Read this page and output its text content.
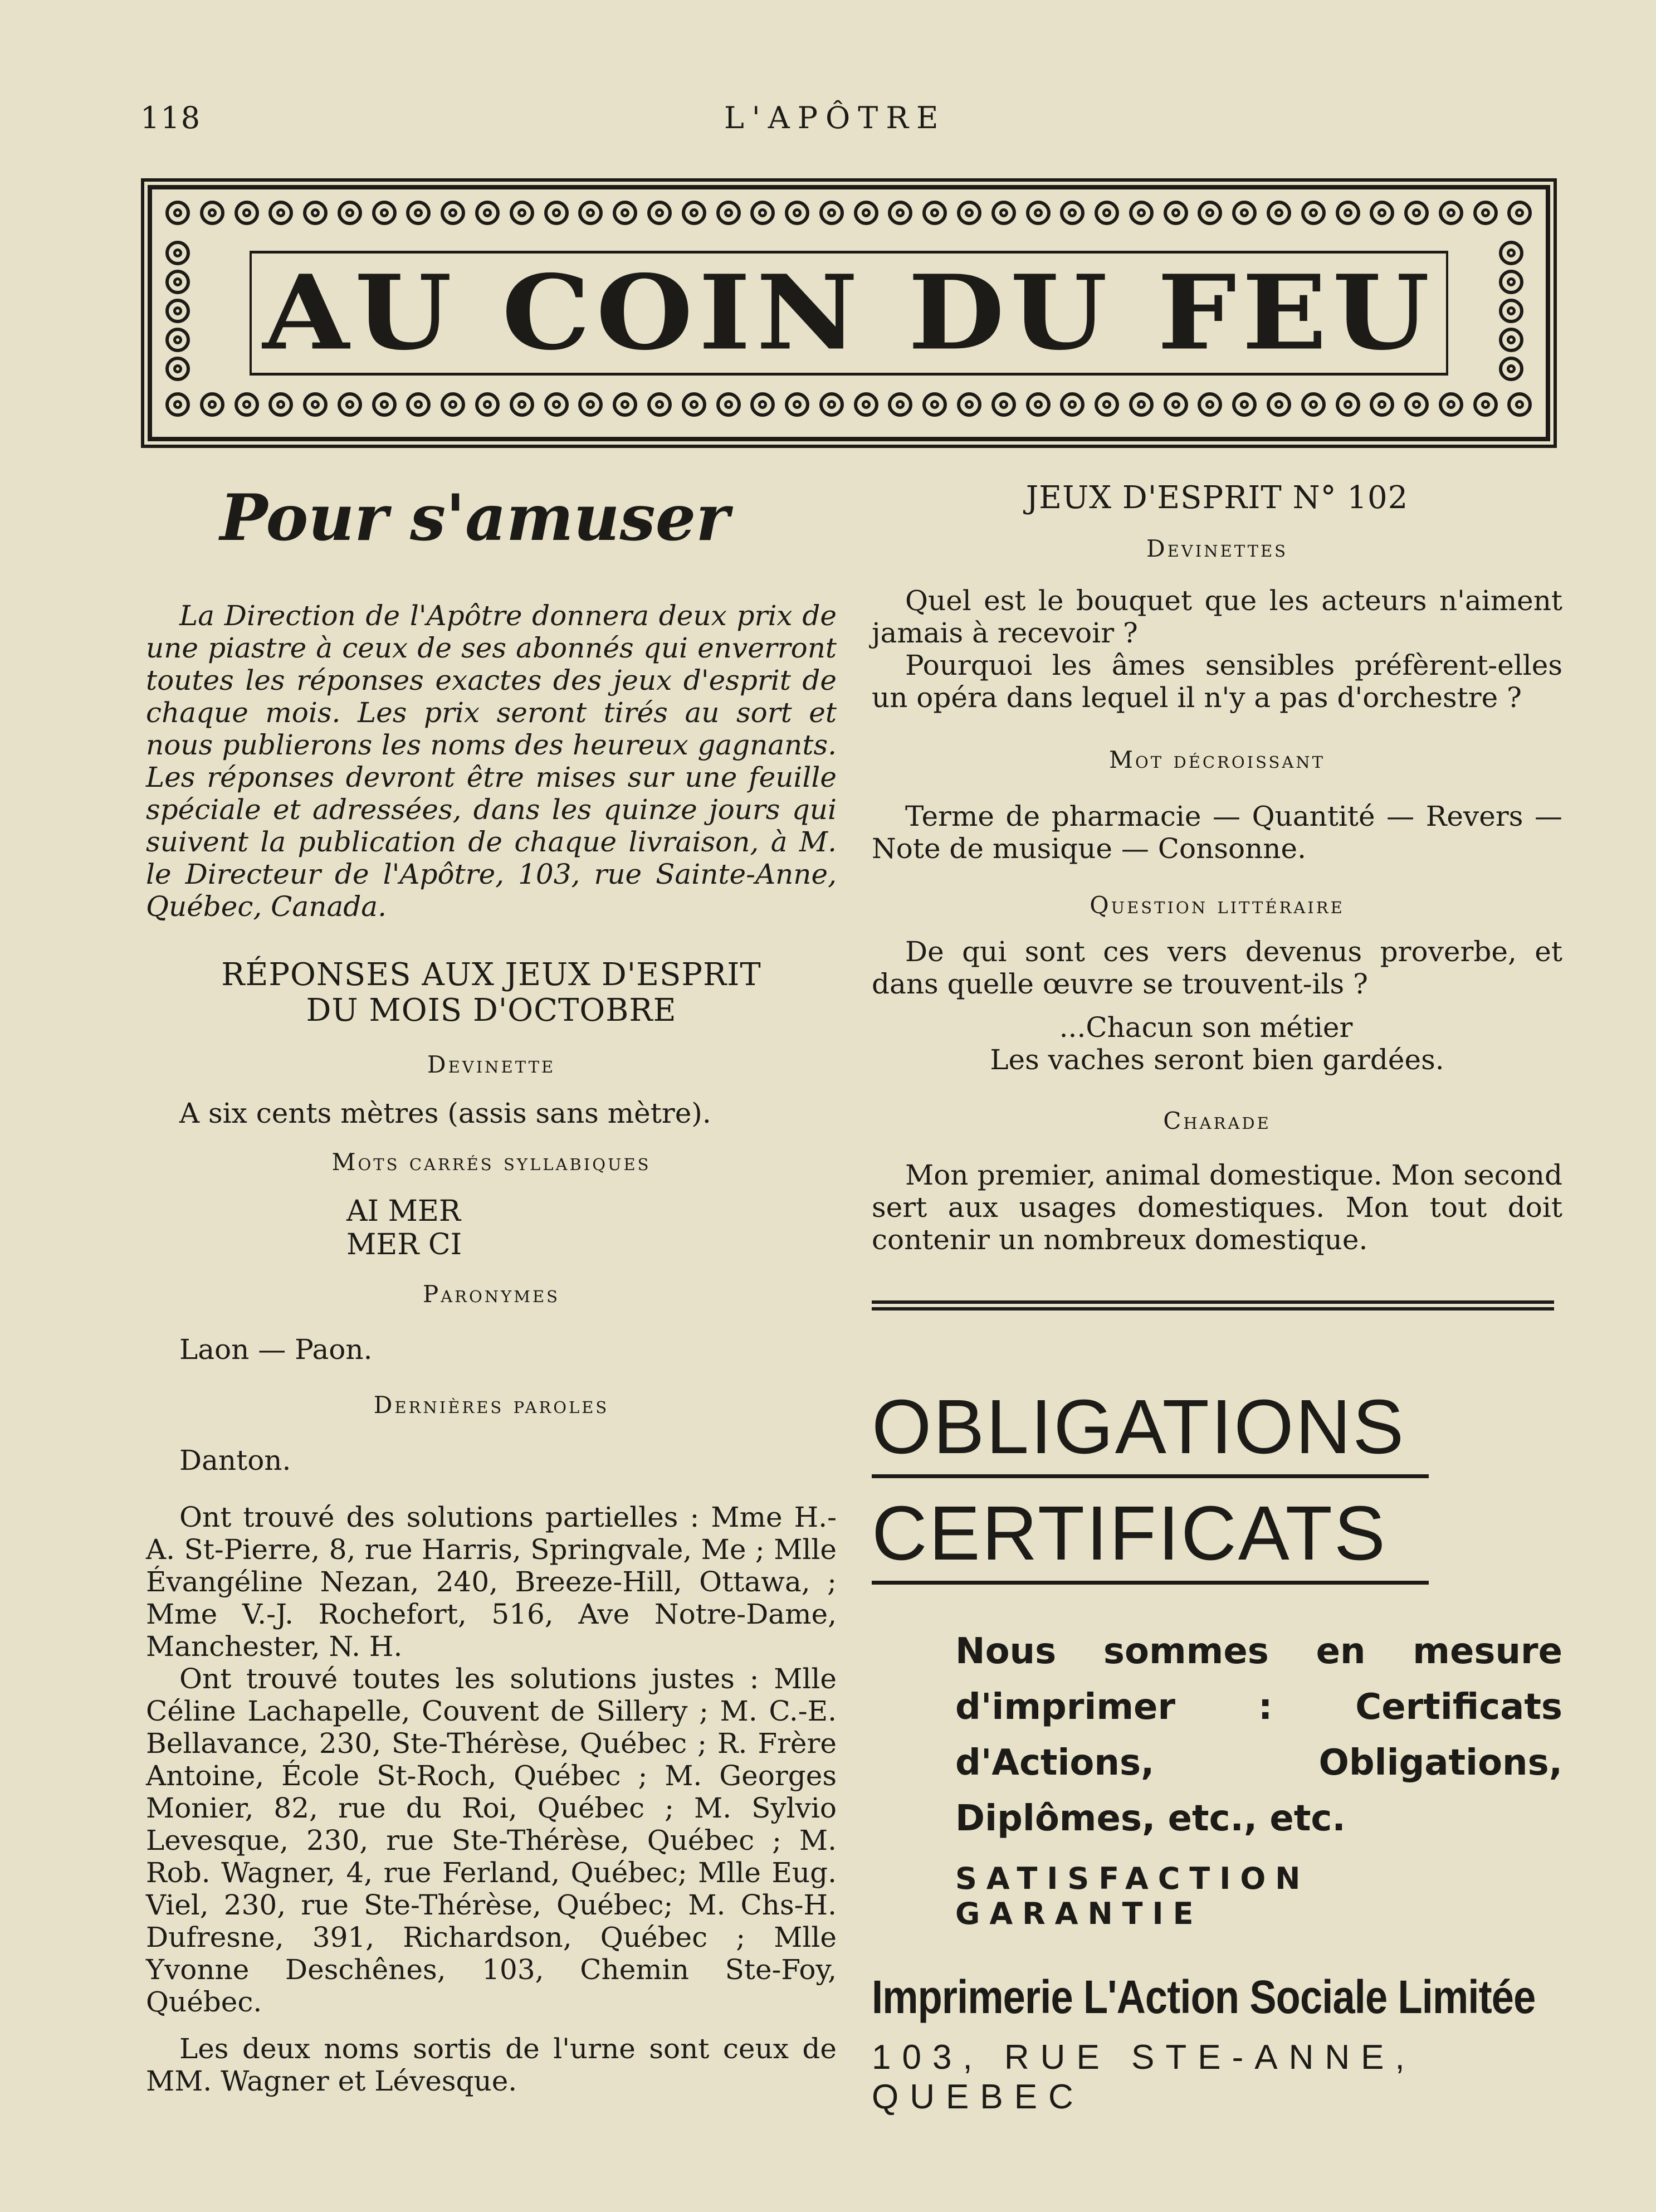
118	L'APÔTRE
AU COIN DU FEU
Pour s'amuser

La Direction de l'Apôtre donnera deux prix de une piastre à ceux de ses abonnés qui enverront toutes les réponses exactes des jeux d'esprit de chaque mois. Les prix seront tirés au sort et nous publierons les noms des heureux gagnants. Les réponses devront être mises sur une feuille spéciale et adressées, dans les quinze jours qui suivent la publication de chaque livraison, à M. le Directeur de l'Apôtre, 103, rue Sainte-Anne, Québec, Canada.

RÉPONSES AUX JEUX D'ESPRIT

DU MOIS D'OCTOBRE

Devinette

A six cents mètres (assis sans mètre).

Mots carrés syllabiques

AI MER

MER CI

Paronymes

Laon — Paon.

Dernières paroles

Danton.

Ont trouvé des solutions partielles : Mme H.-A. St-Pierre, 8, rue Harris, Springvale, Me ; Mlle Évangéline Nezan, 240, Breeze-Hill, Ottawa, ; Mme V.-J. Rochefort, 516, Ave Notre-Dame, Manchester, N. H.

Ont trouvé toutes les solutions justes : Mlle Céline Lachapelle, Couvent de Sillery ; M. C.-E. Bellavance, 230, Ste-Thérèse, Québec ; R. Frère Antoine, École St-Roch, Québec ; M. Georges Monier, 82, rue du Roi, Québec ; M. Sylvio Levesque, 230, rue Ste-Thérèse, Québec ; M. Rob. Wagner, 4, rue Ferland, Québec; Mlle Eug. Viel, 230, rue Ste-Thérèse, Québec; M. Chs-H. Dufresne, 391, Richardson, Québec ; Mlle Yvonne Deschênes, 103, Chemin Ste-Foy, Québec.

Les deux noms sortis de l'urne sont ceux de MM. Wagner et Lévesque.

JEUX D'ESPRIT N° 102

Devinettes

Quel est le bouquet que les acteurs n'aiment jamais à recevoir ?

Pourquoi les âmes sensibles préfèrent-elles un opéra dans lequel il n'y a pas d'orchestre ?

Mot décroissant

Terme de pharmacie — Quantité — Revers — Note de musique — Consonne.

Question littéraire

De qui sont ces vers devenus proverbe, et dans quelle œuvre se trouvent-ils ?

...Chacun son métier

Les vaches seront bien gardées.

Charade

Mon premier, animal domestique. Mon second sert aux usages domestiques. Mon tout doit contenir un nombreux domestique.

OBLIGATIONS

CERTIFICATS

Nous sommes en mesure d'imprimer : Certificats d'Actions, Obligations, Diplômes, etc., etc.

SATISFACTION GARANTIE

Imprimerie L'Action Sociale Limitée

103, RUE STE-ANNE, QUEBEC
